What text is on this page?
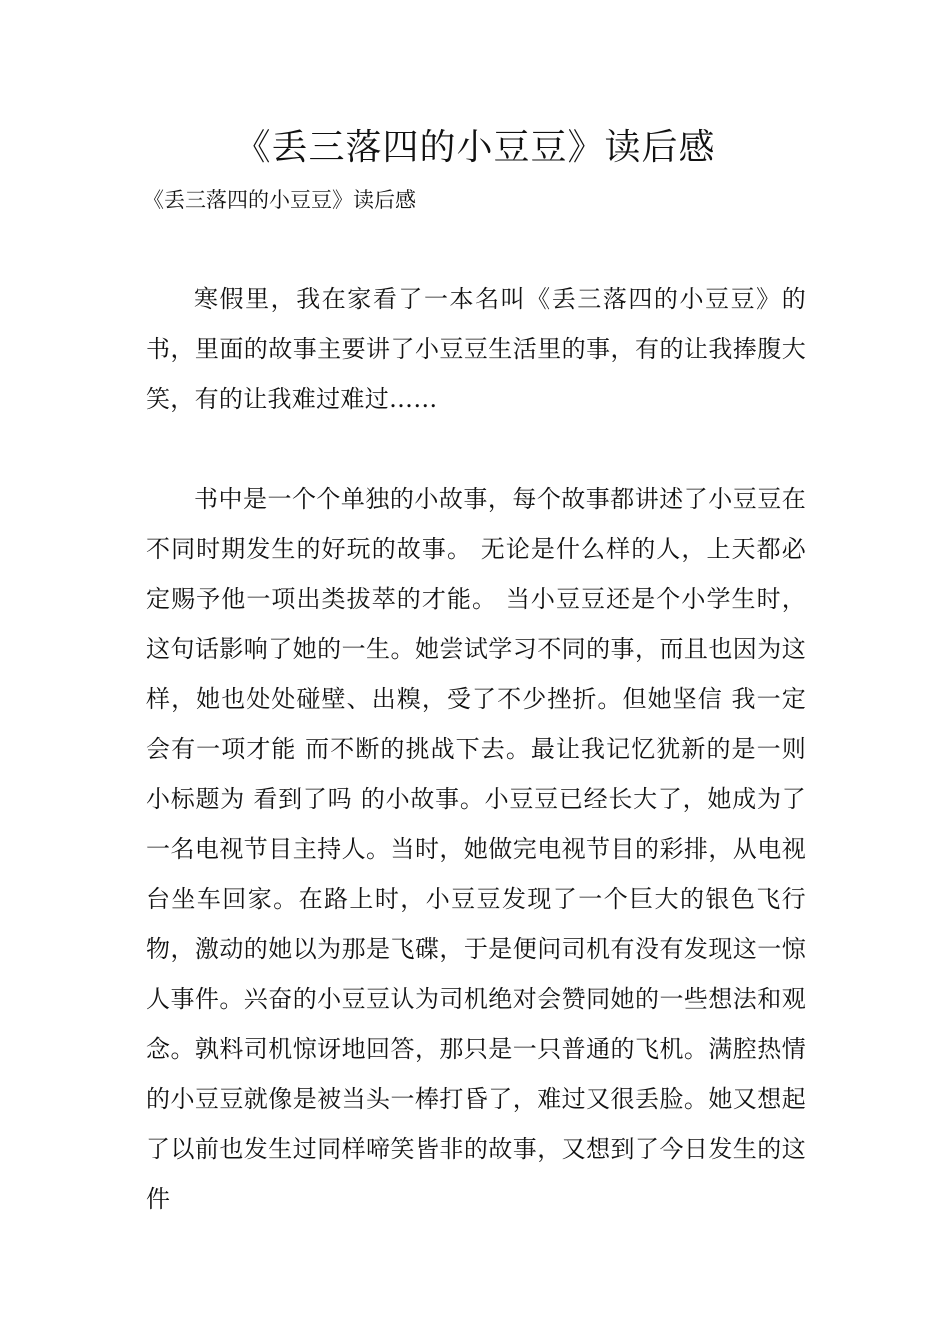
《丢三落四的小豆豆》读后感
《丢三落四的小豆豆》读后感

寒假里，我在家看了一本名叫《丢三落四的小豆豆》的书，里面的故事主要讲了小豆豆生活里的事，有的让我捧腹大笑，有的让我难过难过……

书中是一个个单独的小故事，每个故事都讲述了小豆豆在不同时期发生的好玩的故事。 无论是什么样的人，上天都必定赐予他一项出类拔萃的才能。 当小豆豆还是个小学生时，这句话影响了她的一生。她尝试学习不同的事，而且也因为这样，她也处处碰壁、出糗，受了不少挫折。但她坚信 我一定会有一项才能 而不断的挑战下去。最让我记忆犹新的是一则小标题为 看到了吗 的小故事。小豆豆已经长大了，她成为了一名电视节目主持人。当时，她做完电视节目的彩排，从电视台坐车回家。在路上时，小豆豆发现了一个巨大的银色飞行物，激动的她以为那是飞碟，于是便问司机有没有发现这一惊人事件。兴奋的小豆豆认为司机绝对会赞同她的一些想法和观念。孰料司机惊讶地回答，那只是一只普通的飞机。满腔热情的小豆豆就像是被当头一棒打昏了，难过又很丢脸。她又想起了以前也发生过同样啼笑皆非的故事，又想到了今日发生的这件
